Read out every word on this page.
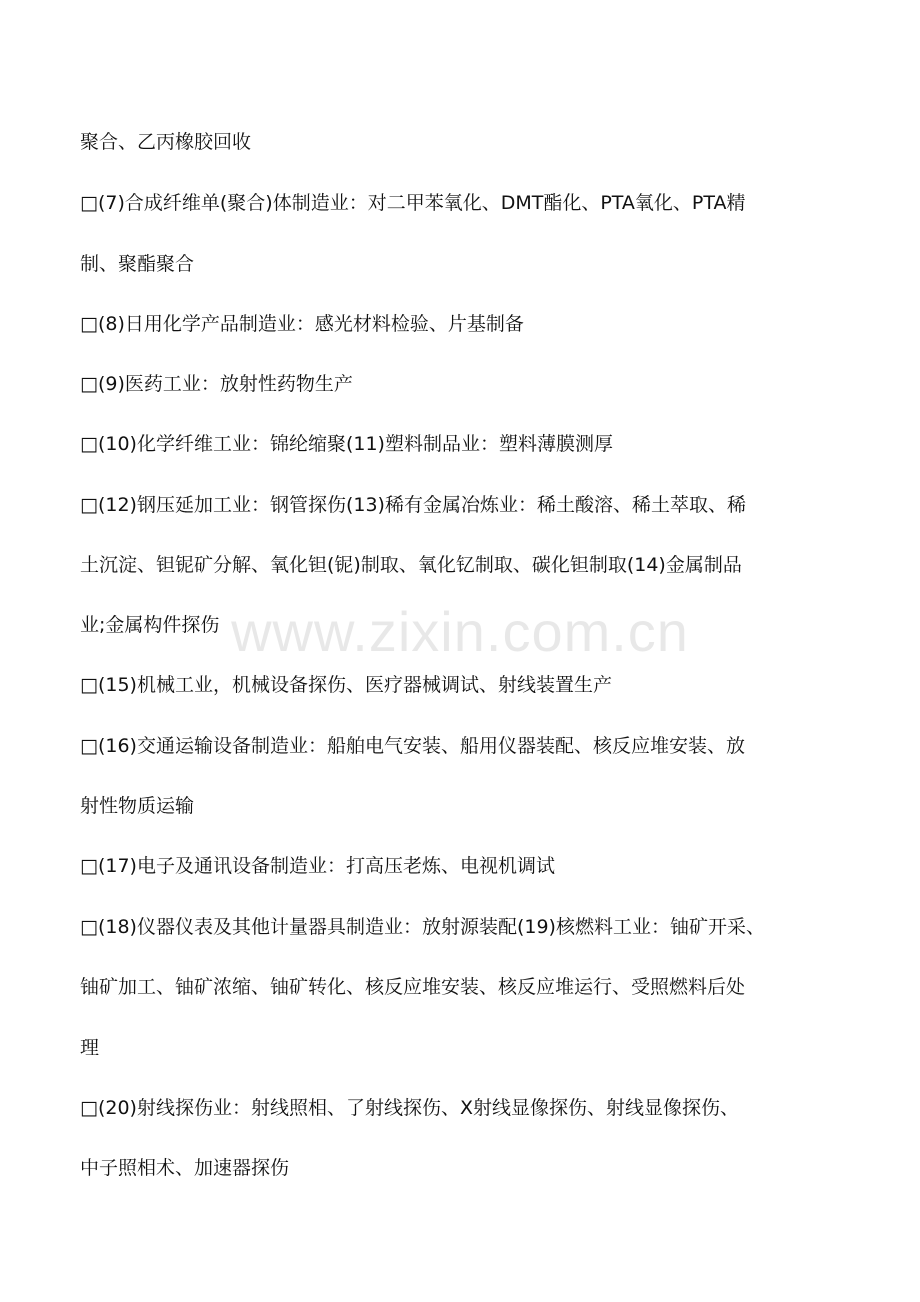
聚合、乙丙橡胶回收
□(7)合成纤维单(聚合)体制造业：对二甲苯氧化、DMT酯化、PTA氧化、PTA精
制、聚酯聚合
□(8)日用化学产品制造业：感光材料检验、片基制备
□(9)医药工业：放射性药物生产
□(10)化学纤维工业：锦纶缩聚(11)塑料制品业：塑料薄膜测厚
□(12)钢压延加工业：钢管探伤(13)稀有金属冶炼业：稀土酸溶、稀土萃取、稀
土沉淀、钽铌矿分解、氧化钽(铌)制取、氧化钇制取、碳化钽制取(14)金属制品
业;金属构件探伤
□(15)机械工业，机械设备探伤、医疗器械调试、射线装置生产
□(16)交通运输设备制造业：船舶电气安装、船用仪器装配、核反应堆安装、放
射性物质运输
□(17)电子及通讯设备制造业：打高压老炼、电视机调试
□(18)仪器仪表及其他计量器具制造业：放射源装配(19)核燃料工业：铀矿开采、
铀矿加工、铀矿浓缩、铀矿转化、核反应堆安装、核反应堆运行、受照燃料后处
理
□(20)射线探伤业：射线照相、了射线探伤、X射线显像探伤、射线显像探伤、
中子照相术、加速器探伤
www.zixin.com.cn
